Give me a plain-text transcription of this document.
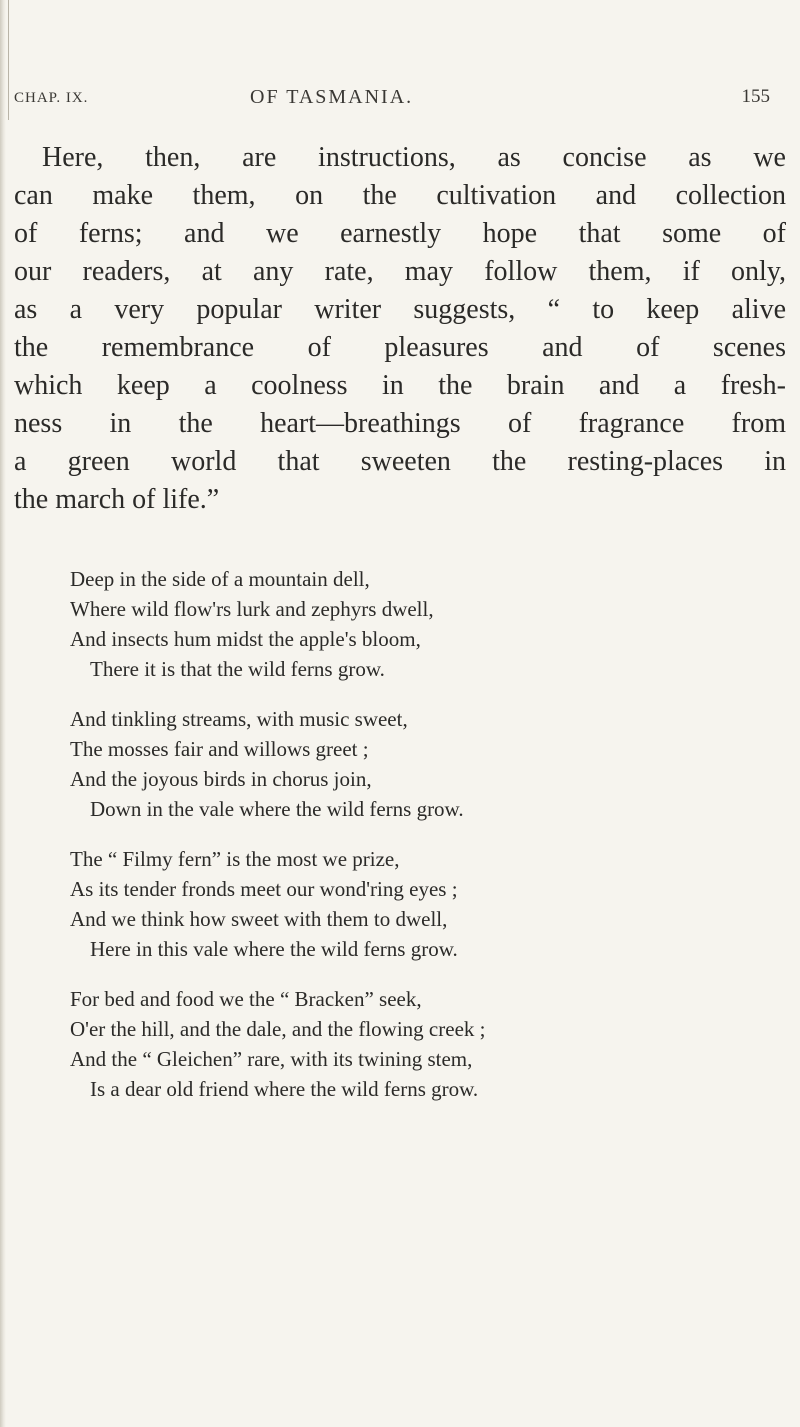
CHAP. IX.	OF TASMANIA.	155
Here, then, are instructions, as concise as we
can make them, on the cultivation and collection
of ferns; and we earnestly hope that some of
our readers, at any rate, may follow them, if only,
as a very popular writer suggests, “ to keep alive
the remembrance of pleasures and of scenes
which keep a coolness in the brain and a fresh-
ness in the heart—breathings of fragrance from
a green world that sweeten the resting-places in
the march of life.”
Deep in the side of a mountain dell,
Where wild flow'rs lurk and zephyrs dwell,
And insects hum midst the apple's bloom,
There it is that the wild ferns grow.
And tinkling streams, with music sweet,
The mosses fair and willows greet ;
And the joyous birds in chorus join,
Down in the vale where the wild ferns grow.
The “ Filmy fern” is the most we prize,
As its tender fronds meet our wond'ring eyes ;
And we think how sweet with them to dwell,
Here in this vale where the wild ferns grow.
For bed and food we the “ Bracken” seek,
O'er the hill, and the dale, and the flowing creek ;
And the “ Gleichen” rare, with its twining stem,
Is a dear old friend where the wild ferns grow.
